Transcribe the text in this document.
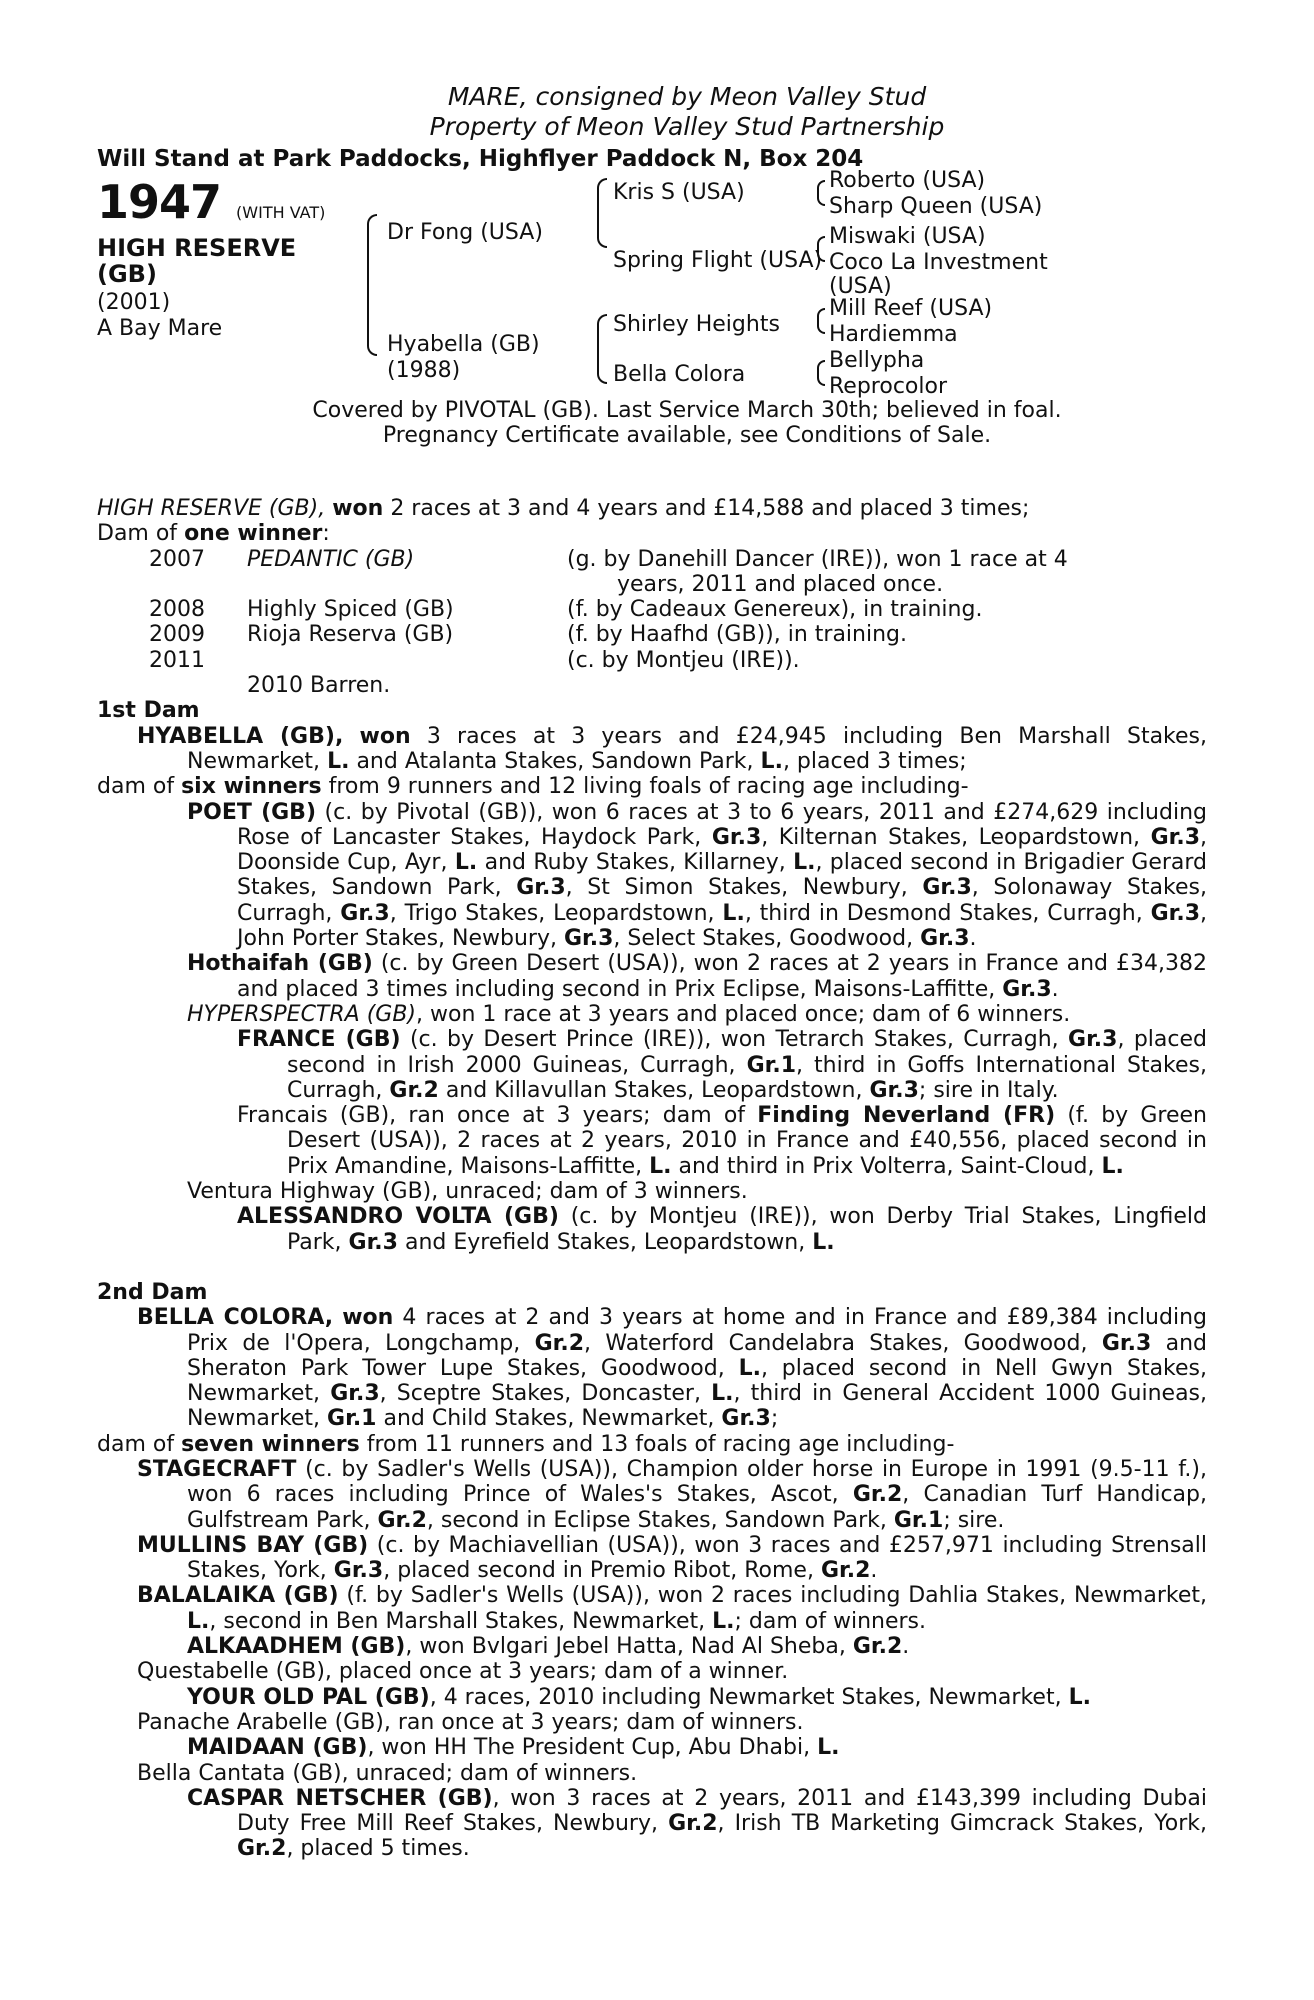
MARE, consigned by Meon Valley Stud
Property of Meon Valley Stud Partnership
Will Stand at Park Paddocks, Highflyer Paddock N, Box 204
1947 (WITH VAT)
HIGH RESERVE
(GB)
(2001)
A Bay Mare
Dr Fong (USA)
Hyabella (GB)
(1988)
Kris S (USA)
Spring Flight (USA)
Shirley Heights
Bella Colora
Roberto (USA)
Sharp Queen (USA)
Miswaki (USA)
Coco La Investment
(USA)
Mill Reef (USA)
Hardiemma
Bellypha
Reprocolor
Covered by PIVOTAL (GB). Last Service March 30th; believed in foal.
Pregnancy Certificate available, see Conditions of Sale.

HIGH RESERVE (GB), won 2 races at 3 and 4 years and £14,588 and placed 3 times;

Dam of one winner:

2007	PEDANTIC (GB)	(g. by Danehill Dancer (IRE)), won 1 race at 4
years, 2011 and placed once.
2008	Highly Spiced (GB)	(f. by Cadeaux Genereux), in training.
2009	Rioja Reserva (GB)	(f. by Haafhd (GB)), in training.
2011		(c. by Montjeu (IRE)).
	2010 Barren.	

1st Dam

HYABELLA (GB), won 3 races at 3 years and £24,945 including Ben Marshall Stakes, Newmarket, L. and Atalanta Stakes, Sandown Park, L., placed 3 times;

dam of six winners from 9 runners and 12 living foals of racing age including-

POET (GB) (c. by Pivotal (GB)), won 6 races at 3 to 6 years, 2011 and £274,629 including Rose of Lancaster Stakes, Haydock Park, Gr.3, Kilternan Stakes, Leopardstown, Gr.3, Doonside Cup, Ayr, L. and Ruby Stakes, Killarney, L., placed second in Brigadier Gerard Stakes, Sandown Park, Gr.3, St Simon Stakes, Newbury, Gr.3, Solonaway Stakes, Curragh, Gr.3, Trigo Stakes, Leopardstown, L., third in Desmond Stakes, Curragh, Gr.3, John Porter Stakes, Newbury, Gr.3, Select Stakes, Goodwood, Gr.3.

Hothaifah (GB) (c. by Green Desert (USA)), won 2 races at 2 years in France and £34,382 and placed 3 times including second in Prix Eclipse, Maisons-Laffitte, Gr.3.

HYPERSPECTRA (GB), won 1 race at 3 years and placed once; dam of 6 winners.

FRANCE (GB) (c. by Desert Prince (IRE)), won Tetrarch Stakes, Curragh, Gr.3, placed second in Irish 2000 Guineas, Curragh, Gr.1, third in Goffs International Stakes, Curragh, Gr.2 and Killavullan Stakes, Leopardstown, Gr.3; sire in Italy.

Francais (GB), ran once at 3 years; dam of Finding Neverland (FR) (f. by Green Desert (USA)), 2 races at 2 years, 2010 in France and £40,556, placed second in Prix Amandine, Maisons-Laffitte, L. and third in Prix Volterra, Saint-Cloud, L.

Ventura Highway (GB), unraced; dam of 3 winners.

ALESSANDRO VOLTA (GB) (c. by Montjeu (IRE)), won Derby Trial Stakes, Lingfield Park, Gr.3 and Eyrefield Stakes, Leopardstown, L.

2nd Dam

BELLA COLORA, won 4 races at 2 and 3 years at home and in France and £89,384 including Prix de l'Opera, Longchamp, Gr.2, Waterford Candelabra Stakes, Goodwood, Gr.3 and Sheraton Park Tower Lupe Stakes, Goodwood, L., placed second in Nell Gwyn Stakes, Newmarket, Gr.3, Sceptre Stakes, Doncaster, L., third in General Accident 1000 Guineas, Newmarket, Gr.1 and Child Stakes, Newmarket, Gr.3;

dam of seven winners from 11 runners and 13 foals of racing age including-

STAGECRAFT (c. by Sadler's Wells (USA)), Champion older horse in Europe in 1991 (9.5-11 f.), won 6 races including Prince of Wales's Stakes, Ascot, Gr.2, Canadian Turf Handicap, Gulfstream Park, Gr.2, second in Eclipse Stakes, Sandown Park, Gr.1; sire.

MULLINS BAY (GB) (c. by Machiavellian (USA)), won 3 races and £257,971 including Strensall Stakes, York, Gr.3, placed second in Premio Ribot, Rome, Gr.2.

BALALAIKA (GB) (f. by Sadler's Wells (USA)), won 2 races including Dahlia Stakes, Newmarket, L., second in Ben Marshall Stakes, Newmarket, L.; dam of winners.

ALKAADHEM (GB), won Bvlgari Jebel Hatta, Nad Al Sheba, Gr.2.

Questabelle (GB), placed once at 3 years; dam of a winner.

YOUR OLD PAL (GB), 4 races, 2010 including Newmarket Stakes, Newmarket, L.

Panache Arabelle (GB), ran once at 3 years; dam of winners.

MAIDAAN (GB), won HH The President Cup, Abu Dhabi, L.

Bella Cantata (GB), unraced; dam of winners.

CASPAR NETSCHER (GB), won 3 races at 2 years, 2011 and £143,399 including Dubai Duty Free Mill Reef Stakes, Newbury, Gr.2, Irish TB Marketing Gimcrack Stakes, York, Gr.2, placed 5 times.
